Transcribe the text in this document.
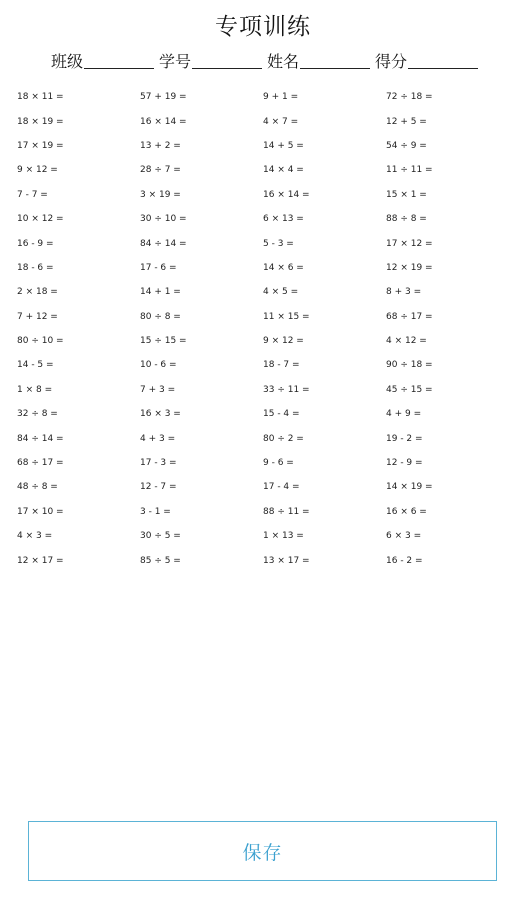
专项训练
班级	学号	姓名	得分
18 × 11 =	57 + 19 =	9 + 1 =	72 ÷ 18 =
18 × 19 =	16 × 14 =	4 × 7 =	12 + 5 =
17 × 19 =	13 + 2 =	14 + 5 =	54 ÷ 9 =
9 × 12 =	28 ÷ 7 =	14 × 4 =	11 ÷ 11 =
7 - 7 =	3 × 19 =	16 × 14 =	15 × 1 =
10 × 12 =	30 ÷ 10 =	6 × 13 =	88 ÷ 8 =
16 - 9 =	84 ÷ 14 =	5 - 3 =	17 × 12 =
18 - 6 =	17 - 6 =	14 × 6 =	12 × 19 =
2 × 18 =	14 + 1 =	4 × 5 =	8 + 3 =
7 + 12 =	80 ÷ 8 =	11 × 15 =	68 ÷ 17 =
80 ÷ 10 =	15 ÷ 15 =	9 × 12 =	4 × 12 =
14 - 5 =	10 - 6 =	18 - 7 =	90 ÷ 18 =
1 × 8 =	7 + 3 =	33 ÷ 11 =	45 ÷ 15 =
32 ÷ 8 =	16 × 3 =	15 - 4 =	4 + 9 =
84 ÷ 14 =	4 + 3 =	80 ÷ 2 =	19 - 2 =
68 ÷ 17 =	17 - 3 =	9 - 6 =	12 - 9 =
48 ÷ 8 =	12 - 7 =	17 - 4 =	14 × 19 =
17 × 10 =	3 - 1 =	88 ÷ 11 =	16 × 6 =
4 × 3 =	30 ÷ 5 =	1 × 13 =	6 × 3 =
12 × 17 =	85 ÷ 5 =	13 × 17 =	16 - 2 =
保存
